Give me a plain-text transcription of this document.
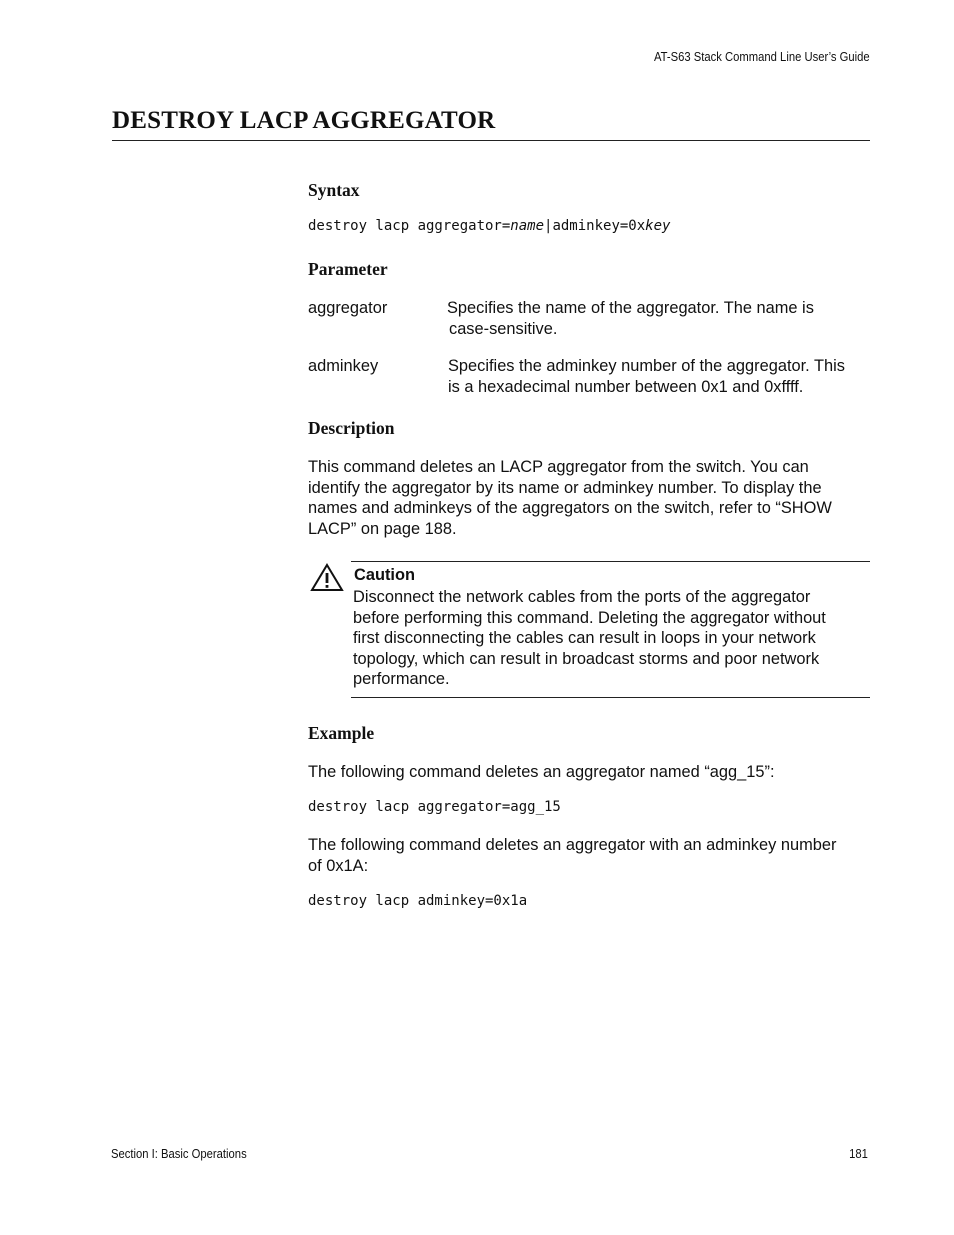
AT-S63 Stack Command Line User’s Guide
DESTROY LACP AGGREGATOR
Syntax
destroy lacp aggregator=name|adminkey=0xkey
Parameter
aggregator	Specifies the name of the aggregator. The name is
case-sensitive.
adminkey	Specifies the adminkey number of the aggregator. This
is a hexadecimal number between 0x1 and 0xffff.
Description
This command deletes an LACP aggregator from the switch. You can
identify the aggregator by its name or adminkey number. To display the
names and adminkeys of the aggregators on the switch, refer to “SHOW
LACP” on page 188.
Caution
Disconnect the network cables from the ports of the aggregator
before performing this command. Deleting the aggregator without
first disconnecting the cables can result in loops in your network
topology, which can result in broadcast storms and poor network
performance.
Example
The following command deletes an aggregator named “agg_15”:
destroy lacp aggregator=agg_15
The following command deletes an aggregator with an adminkey number
of 0x1A:
destroy lacp adminkey=0x1a
Section I: Basic Operations	181
